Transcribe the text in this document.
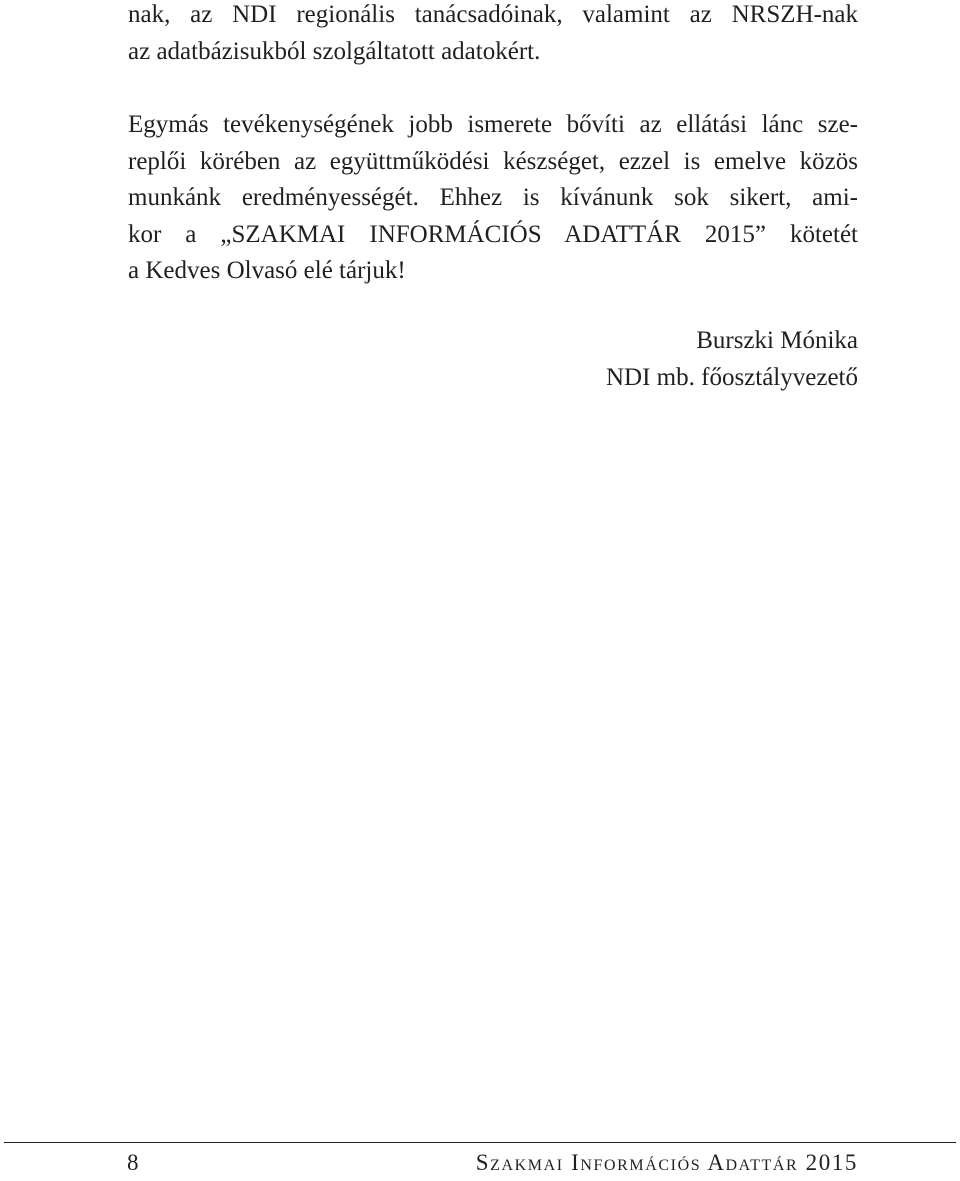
nak, az NDI regionális tanácsadóinak, valamint az NRSZH-nak
az adatbázisukból szolgáltatott adatokért.
Egymás tevékenységének jobb ismerete bővíti az ellátási lánc sze-
replői körében az együttműködési készséget, ezzel is emelve közös
munkánk eredményességét. Ehhez is kívánunk sok sikert, ami-
kor a „SZAKMAI INFORMÁCIÓS ADATTÁR 2015” kötetét
a Kedves Olvasó elé tárjuk!
Burszki Mónika
NDI mb. főosztályvezető
8	Szakmai Információs Adattár 2015
